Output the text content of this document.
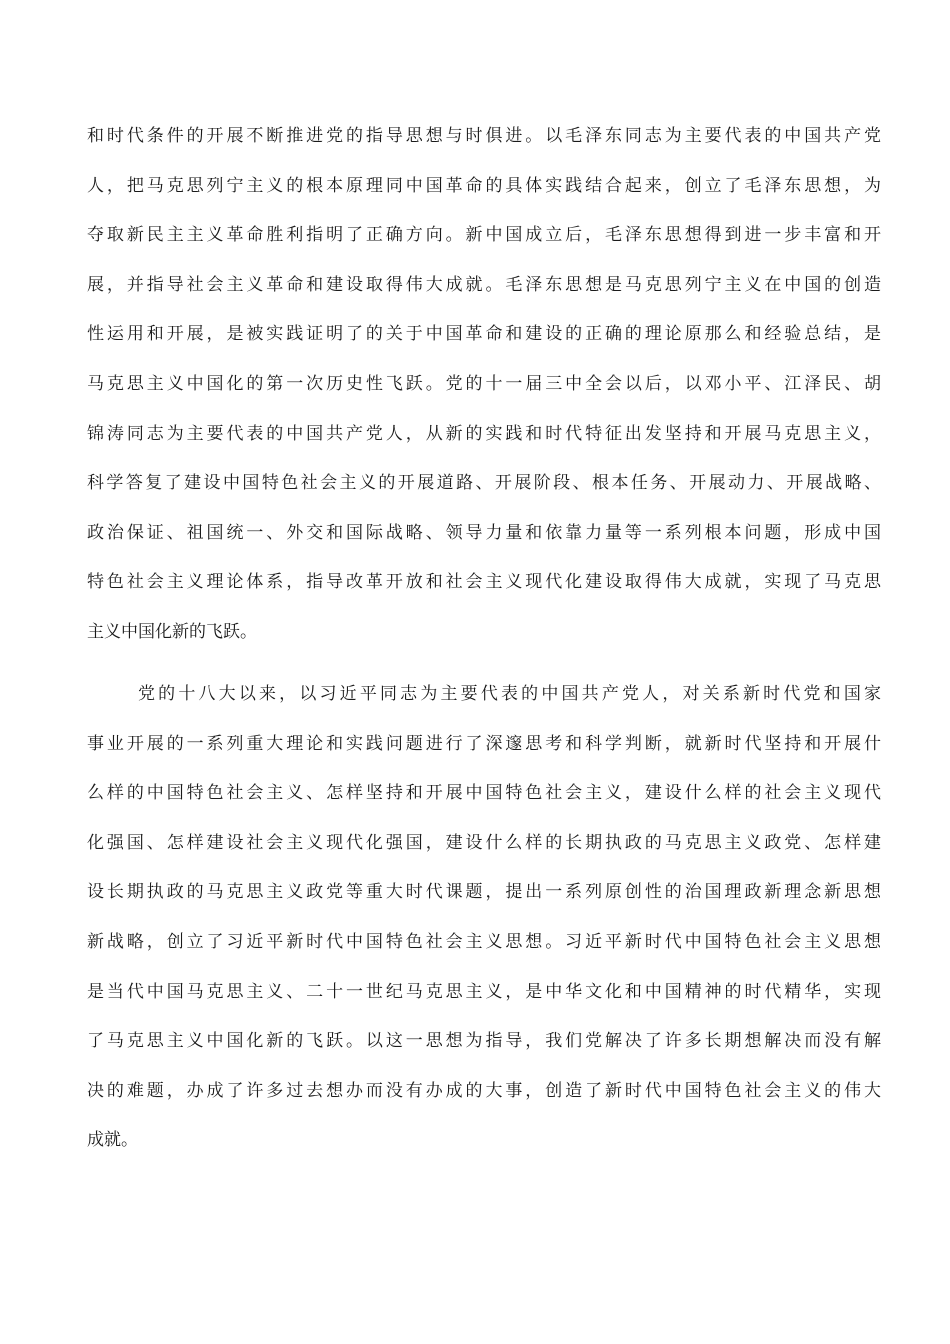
和时代条件的开展不断推进党的指导思想与时俱进。以毛泽东同志为主要代表的中国共产党
人，把马克思列宁主义的根本原理同中国革命的具体实践结合起来，创立了毛泽东思想，为
夺取新民主主义革命胜利指明了正确方向。新中国成立后，毛泽东思想得到进一步丰富和开
展，并指导社会主义革命和建设取得伟大成就。毛泽东思想是马克思列宁主义在中国的创造
性运用和开展，是被实践证明了的关于中国革命和建设的正确的理论原那么和经验总结，是
马克思主义中国化的第一次历史性飞跃。党的十一届三中全会以后，以邓小平、江泽民、胡
锦涛同志为主要代表的中国共产党人，从新的实践和时代特征出发坚持和开展马克思主义，
科学答复了建设中国特色社会主义的开展道路、开展阶段、根本任务、开展动力、开展战略、
政治保证、祖国统一、外交和国际战略、领导力量和依靠力量等一系列根本问题，形成中国
特色社会主义理论体系，指导改革开放和社会主义现代化建设取得伟大成就，实现了马克思
主义中国化新的飞跃。
党的十八大以来，以习近平同志为主要代表的中国共产党人，对关系新时代党和国家
事业开展的一系列重大理论和实践问题进行了深邃思考和科学判断，就新时代坚持和开展什
么样的中国特色社会主义、怎样坚持和开展中国特色社会主义，建设什么样的社会主义现代
化强国、怎样建设社会主义现代化强国，建设什么样的长期执政的马克思主义政党、怎样建
设长期执政的马克思主义政党等重大时代课题，提出一系列原创性的治国理政新理念新思想
新战略，创立了习近平新时代中国特色社会主义思想。习近平新时代中国特色社会主义思想
是当代中国马克思主义、二十一世纪马克思主义，是中华文化和中国精神的时代精华，实现
了马克思主义中国化新的飞跃。以这一思想为指导，我们党解决了许多长期想解决而没有解
决的难题，办成了许多过去想办而没有办成的大事，创造了新时代中国特色社会主义的伟大
成就。
